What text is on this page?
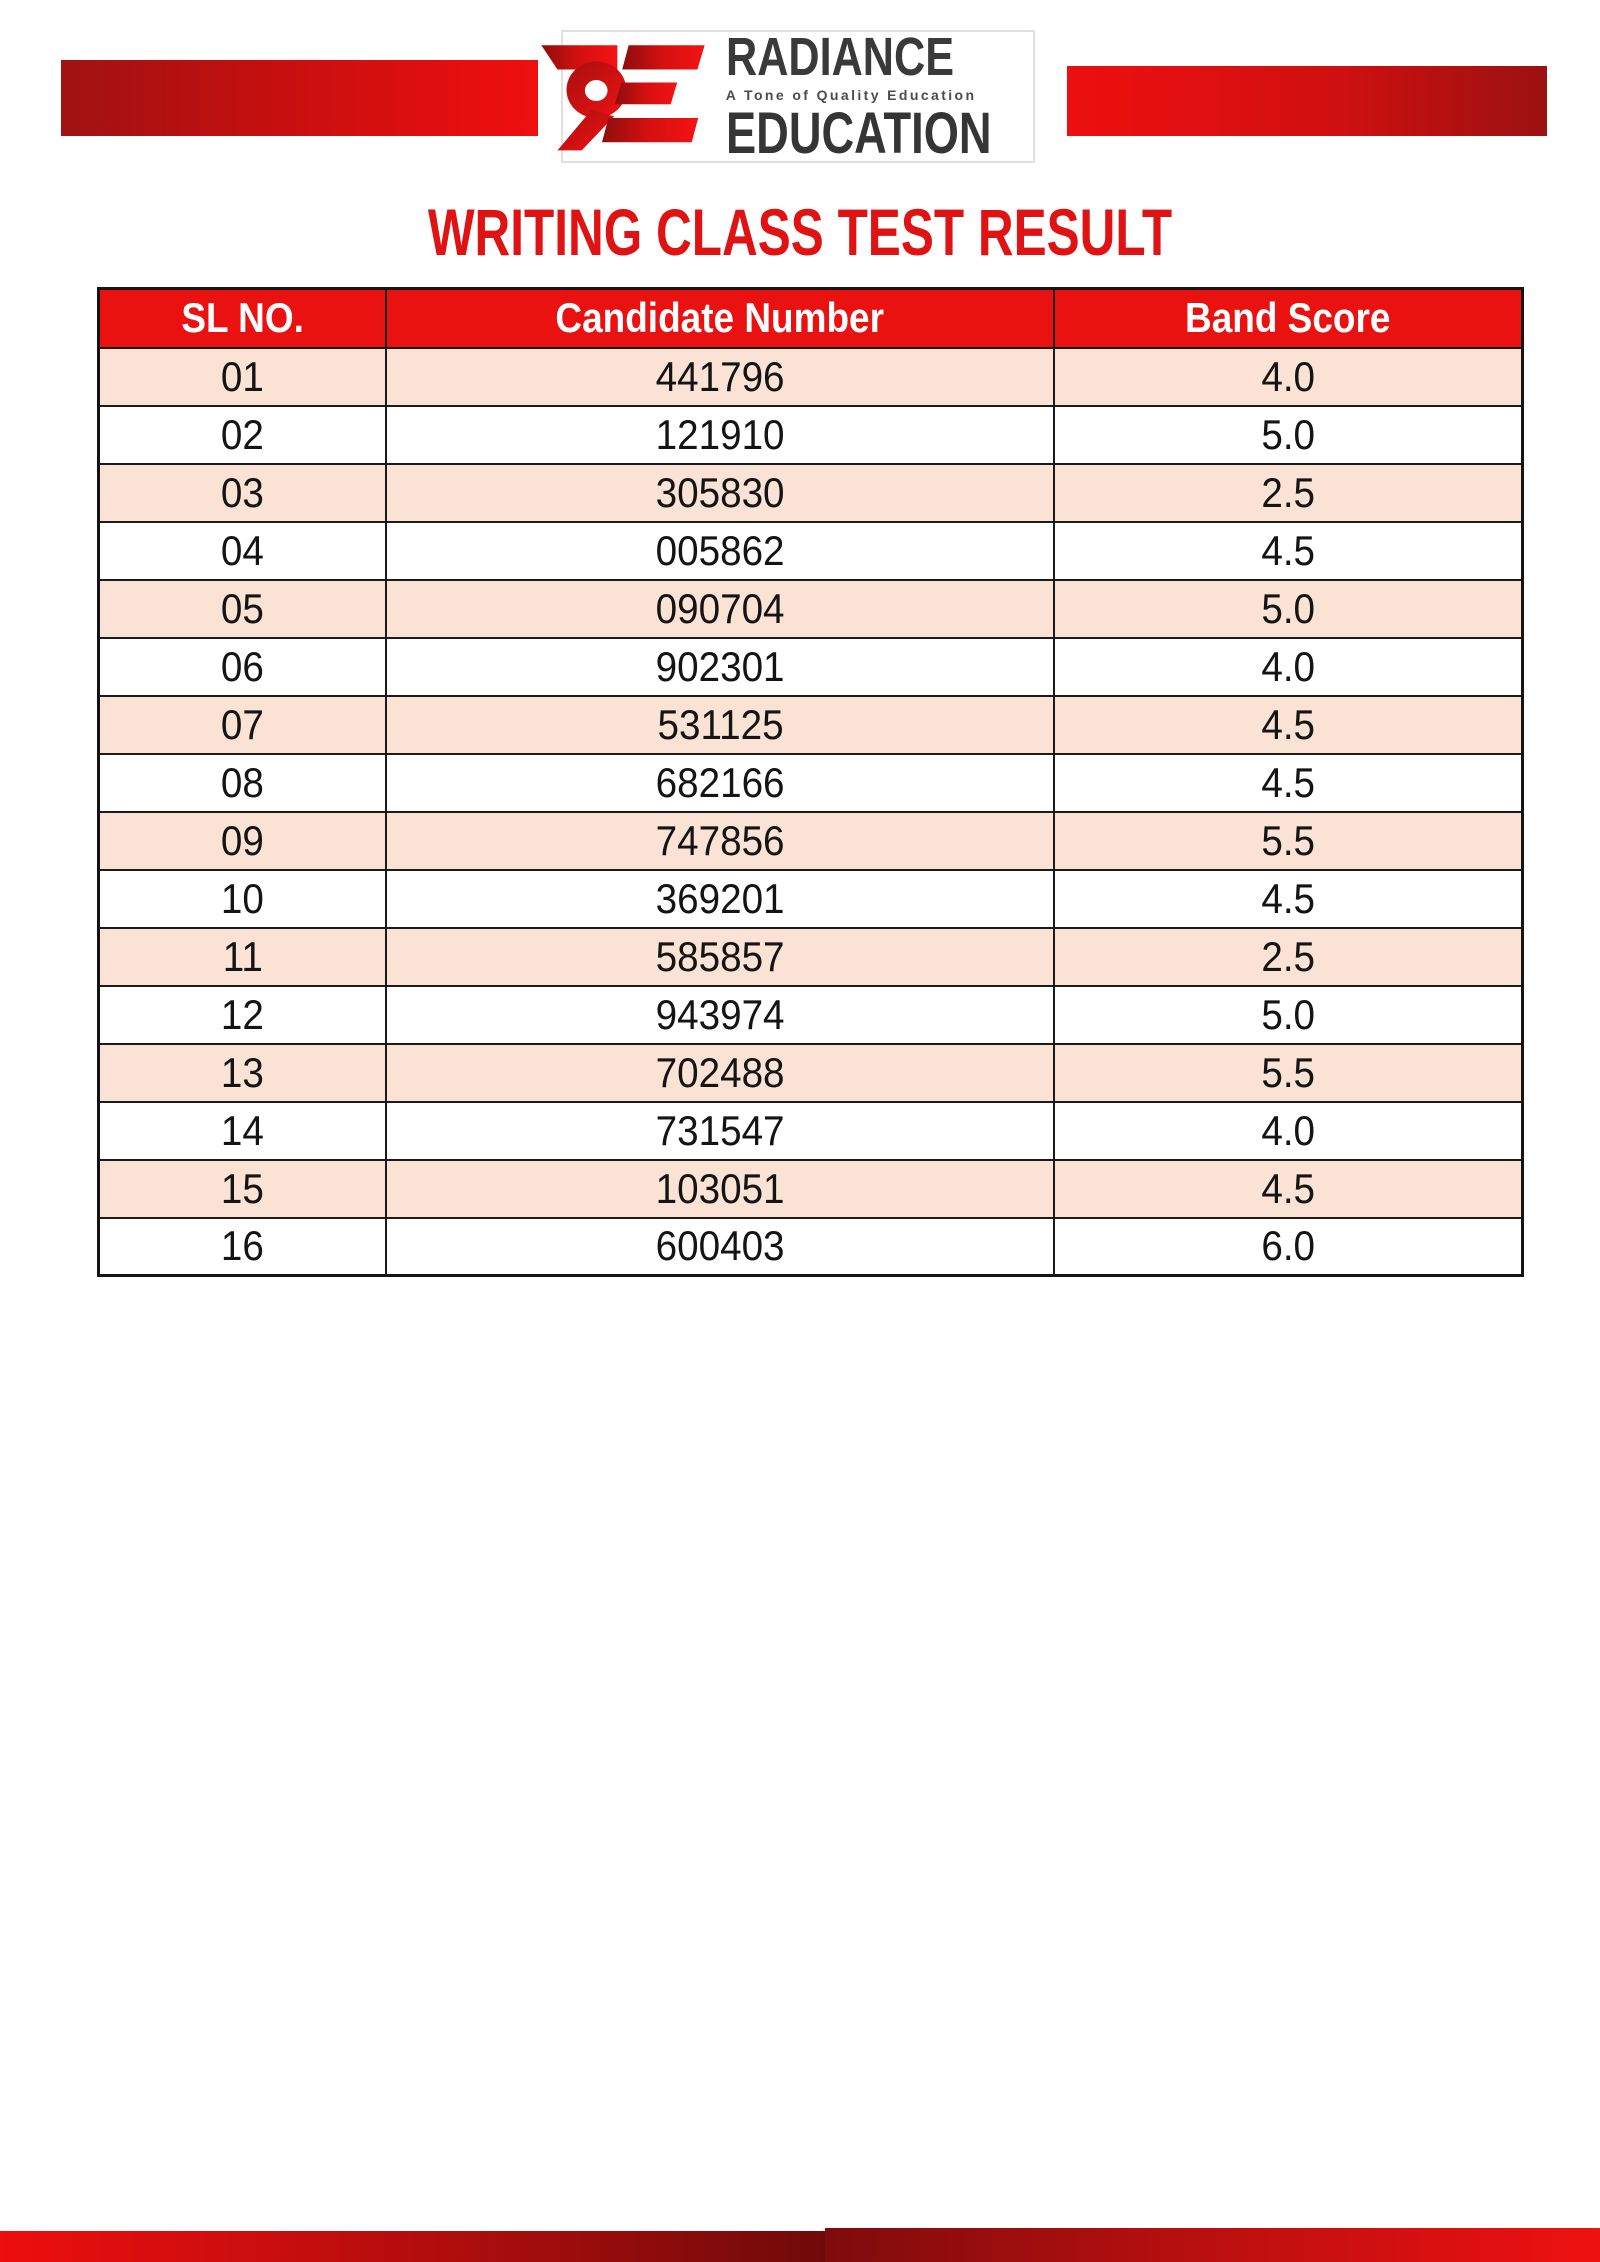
RADIANCE
A Tone of Quality Education
EDUCATION
WRITING CLASS TEST RESULT
SL NO.	Candidate Number	Band Score
01	441796	4.0
02	121910	5.0
03	305830	2.5
04	005862	4.5
05	090704	5.0
06	902301	4.0
07	531125	4.5
08	682166	4.5
09	747856	5.5
10	369201	4.5
11	585857	2.5
12	943974	5.0
13	702488	5.5
14	731547	4.0
15	103051	4.5
16	600403	6.0
